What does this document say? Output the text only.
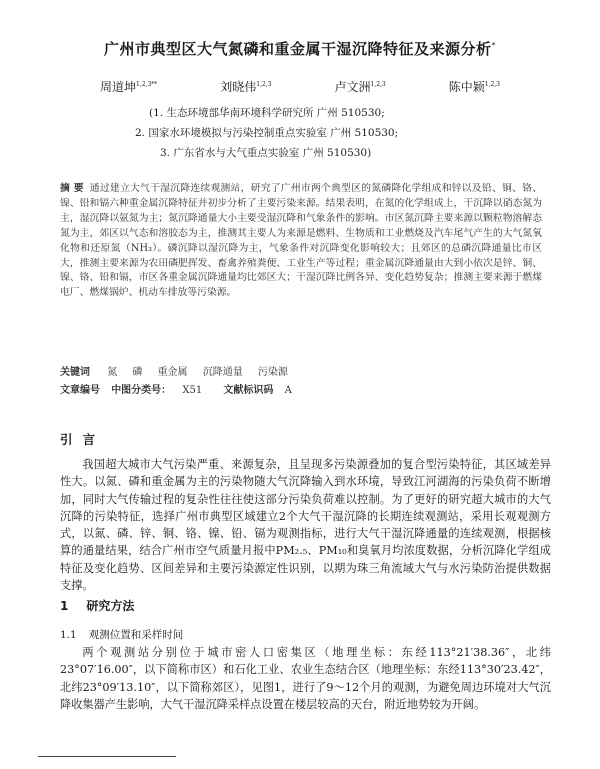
广州市典型区大气氮磷和重金属干湿沉降特征及来源分析*
周道坤$^{1,2,3**}$	刘晓伟$^{1,2,3}$	卢文洲$^{1,2,3}$	陈中颖$^{1,2,3}$
(1. 生态环境部华南环境科学研究所 广州 510530;
2. 国家水环境模拟与污染控制重点实验室 广州 510530;
3. 广东省水与大气重点实验室 广州 510530)
摘 要 通过建立大气干湿沉降连续观测站，研究了广州市两个典型区的氮磷降化学组成和锌以及铅、铜、铬、镍、铅和镉六种重金属沉降特征并初步分析了主要污染来源。结果表明，在氮的化学组成上，干沉降以硝态氮为主，湿沉降以氨氮为主；氮沉降通量大小主要受湿沉降和气象条件的影响。市区氮沉降主要来源以颗粒物溶解态氮为主，郊区以气态和溶胶态为主，推测其主要人为来源是燃料、生物质和工业燃烧及汽车尾气产生的大气氮氧化物和还原氮（NH₃）。磷沉降以湿沉降为主，气象条件对沉降变化影响较大；且郊区的总磷沉降通量比市区大，推测主要来源为农田磷肥挥发、畜禽养殖粪便、工业生产等过程；重金属沉降通量由大到小依次是锌、铜、镍、铬、铅和镉，市区各重金属沉降通量均比郊区大；干湿沉降比例各异、变化趋势复杂；推测主要来源于燃煤电厂、燃煤锅炉、机动车排放等污染源。
关键词 氮 磷 重金属 沉降通量 污染源
文章编号 中图分类号： X51 文献标识码 A
引言

我国超大城市大气污染严重、来源复杂，且呈现多污染源叠加的复合型污染特征，其区域差异性大。以氮、磷和重金属为主的污染物随大气沉降输入到水环境，导致江河湖海的污染负荷不断增加，同时大气传输过程的复杂性往往使这部分污染负荷难以控制。为了更好的研究超大城市的大气沉降的污染特征，选择广州市典型区域建立2个大气干湿沉降的长期连续观测站，采用长观观测方式，以氮、磷、锌、铜、铬、镍、铅、镉为观测指标，进行大气干湿沉降通量的连续观测，根据核算的通量结果，结合广州市空气质量月报中PM₂.₅、PM₁₀和臭氧月均浓度数据，分析沉降化学组成特征及变化趋势、区间差异和主要污染源定性识别，以期为珠三角流域大气与水污染防治提供数据支撑。

1 研究方法
1.1 观测位置和采样时间

两个观测站分别位于城市密人口密集区（地理坐标：东经113°21′38.36″，北纬23°07′16.00″，以下简称市区）和石化工业、农业生态结合区（地理坐标：东经113°30′23.42″，北纬23°09′13.10″，以下简称郊区），见图1，进行了9～12个月的观测，为避免周边环境对大气沉降收集器产生影响，大气干湿沉降采样点设置在楼层较高的天台，附近地势较为开阔。
